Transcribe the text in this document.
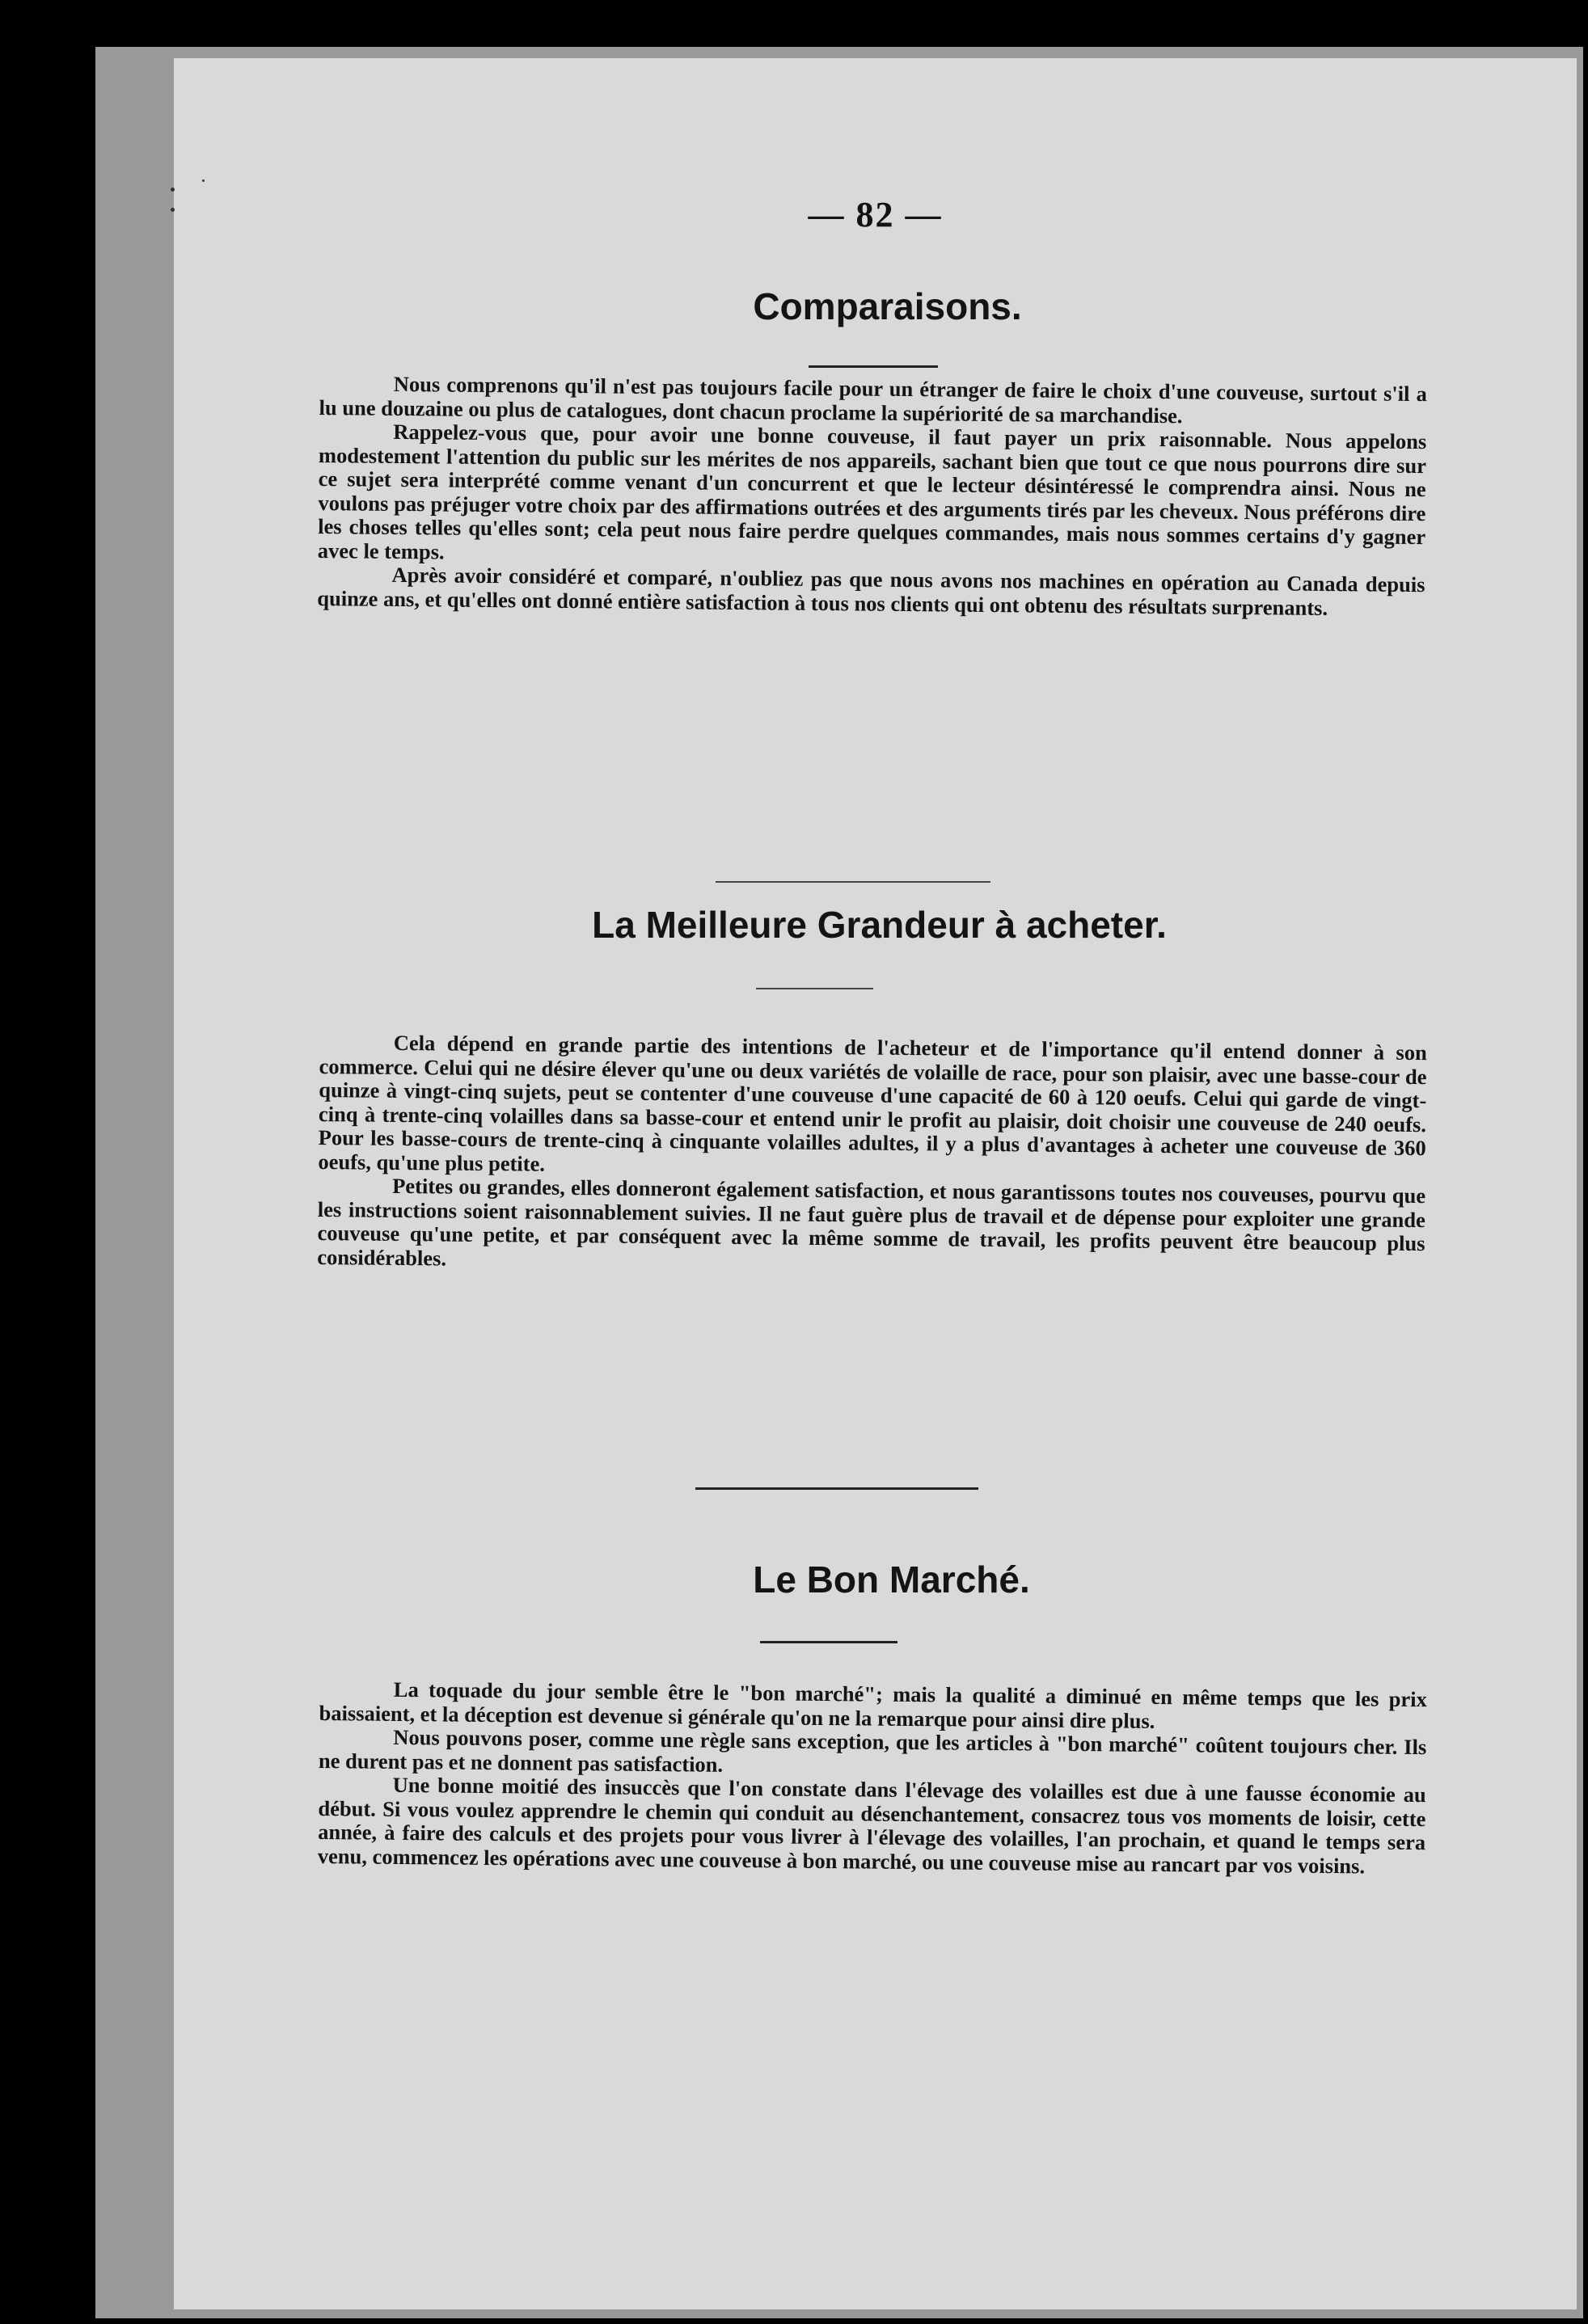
— 82 —
Comparaisons.

Nous comprenons qu'il n'est pas toujours facile pour un étranger de faire le choix d'une couveuse, surtout s'il a lu une douzaine ou plus de catalogues, dont chacun proclame la supériorité de sa marchandise.

Rappelez-vous que, pour avoir une bonne couveuse, il faut payer un prix raisonnable. Nous appelons modestement l'attention du public sur les mérites de nos appareils, sachant bien que tout ce que nous pourrons dire sur ce sujet sera interprété comme venant d'un concurrent et que le lecteur désintéressé le comprendra ainsi. Nous ne voulons pas préjuger votre choix par des affirmations outrées et des arguments tirés par les cheveux. Nous préférons dire les choses telles qu'elles sont; cela peut nous faire perdre quelques commandes, mais nous sommes certains d'y gagner avec le temps.

Après avoir considéré et comparé, n'oubliez pas que nous avons nos machines en opération au Canada depuis quinze ans, et qu'elles ont donné entière satisfaction à tous nos clients qui ont obtenu des résultats surprenants.

La Meilleure Grandeur à acheter.

Cela dépend en grande partie des intentions de l'acheteur et de l'importance qu'il entend donner à son commerce. Celui qui ne désire élever qu'une ou deux variétés de volaille de race, pour son plaisir, avec une basse-cour de quinze à vingt-cinq sujets, peut se contenter d'une couveuse d'une capacité de 60 à 120 oeufs. Celui qui garde de vingt-cinq à trente-cinq volailles dans sa basse-cour et entend unir le profit au plaisir, doit choisir une couveuse de 240 oeufs. Pour les basse-cours de trente-cinq à cinquante volailles adultes, il y a plus d'avantages à acheter une couveuse de 360 oeufs, qu'une plus petite.

Petites ou grandes, elles donneront également satisfaction, et nous garantissons toutes nos couveuses, pourvu que les instructions soient raisonnablement suivies. Il ne faut guère plus de travail et de dépense pour exploiter une grande couveuse qu'une petite, et par conséquent avec la même somme de travail, les profits peuvent être beaucoup plus considérables.

Le Bon Marché.

La toquade du jour semble être le "bon marché"; mais la qualité a diminué en même temps que les prix baissaient, et la déception est devenue si générale qu'on ne la remarque pour ainsi dire plus.

Nous pouvons poser, comme une règle sans exception, que les articles à "bon marché" coûtent toujours cher. Ils ne durent pas et ne donnent pas satisfaction.

Une bonne moitié des insuccès que l'on constate dans l'élevage des volailles est due à une fausse économie au début. Si vous voulez apprendre le chemin qui conduit au désenchantement, consacrez tous vos moments de loisir, cette année, à faire des calculs et des projets pour vous livrer à l'élevage des volailles, l'an prochain, et quand le temps sera venu, commencez les opérations avec une couveuse à bon marché, ou une couveuse mise au rancart par vos voisins.
